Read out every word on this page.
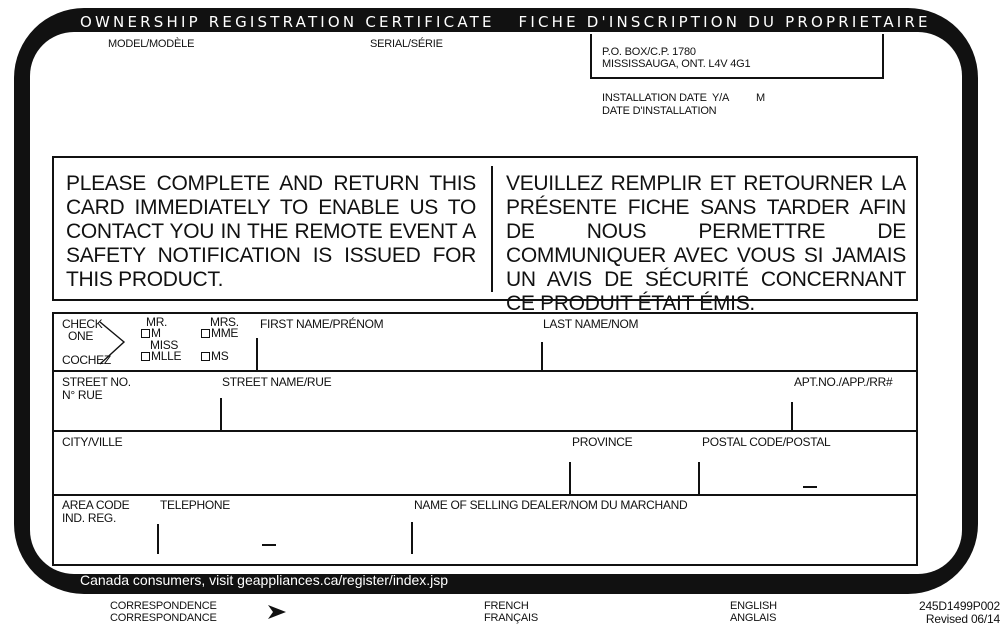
OWNERSHIP REGISTRATION CERTIFICATE   FICHE D'INSCRIPTION DU PROPRIETAIRE
MODEL/MODÈLE	SERIAL/SÉRIE
P.O. BOX/C.P. 1780
MISSISSAUGA, ONT. L4V 4G1
INSTALLATION DATE Y/A M
DATE D'INSTALLATION
PLEASE COMPLETE AND RETURN THIS CARD IMMEDIATELY TO ENABLE US TO CONTACT YOU IN THE REMOTE EVENT A SAFETY NOTIFICATION IS ISSUED FOR THIS PRODUCT.
VEUILLEZ REMPLIR ET RETOURNER LA PRÉSENTE FICHE SANS TARDER AFIN DE NOUS PERMETTRE DE COMMUNIQUER AVEC VOUS SI JAMAIS UN AVIS DE SÉCURITÉ CONCERNANT CE PRODUIT ÉTAIT ÉMIS.
CHECK
ONE
COCHEZ
MR.
M
MISS
MLLE
MRS.
MME
MS
FIRST NAME/PRÉNOM	LAST NAME/NOM
STREET NO.
N° RUE
STREET NAME/RUE	APT.NO./APP./RR#
CITY/VILLE	PROVINCE	POSTAL CODE/POSTAL
AREA CODE
IND. REG.
TELEPHONE	NAME OF SELLING DEALER/NOM DU MARCHAND
Canada consumers, visit geappliances.ca/register/index.jsp
CORRESPONDENCE
CORRESPONDANCE
FRENCH
FRANÇAIS
ENGLISH
ANGLAIS
245D1499P002
Revised 06/14
